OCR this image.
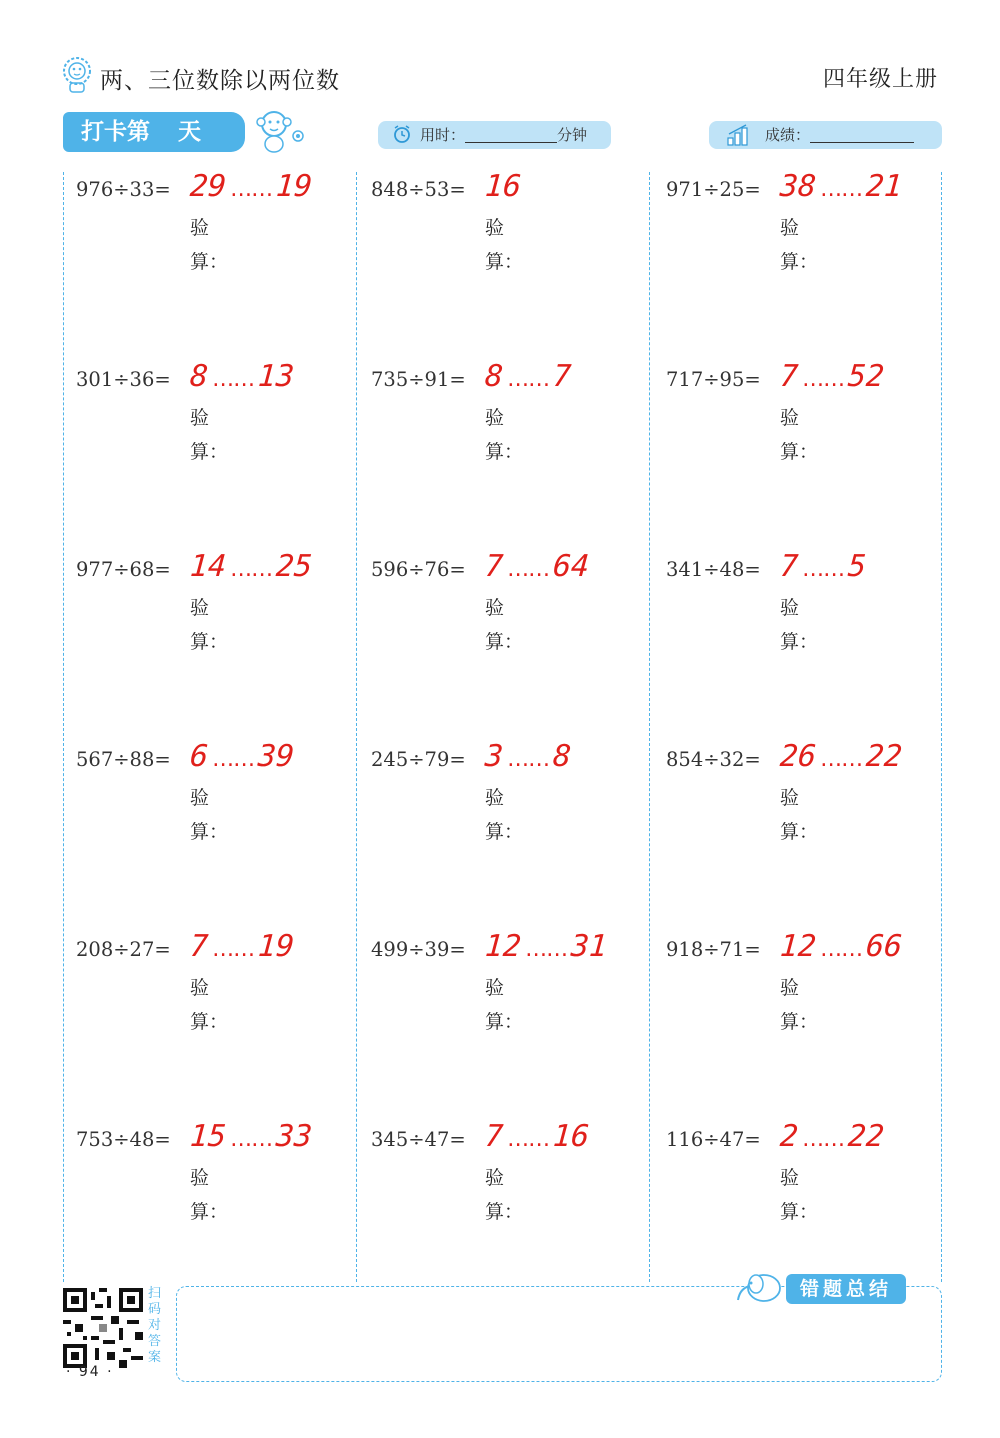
两、三位数除以两位数	四年级上册
打卡第 天	用时：	分钟	成绩：
976÷33= 29 ……19
验
算：
848÷53= 16
验
算：
971÷25= 38 ……21
验
算：
301÷36= 8 ……13
验
算：
735÷91= 8 ……7
验
算：
717÷95= 7 ……52
验
算：
977÷68= 14 ……25
验
算：
596÷76= 7 ……64
验
算：
341÷48= 7 ……5
验
算：
567÷88= 6 ……39
验
算：
245÷79= 3 ……8
验
算：
854÷32= 26 ……22
验
算：
208÷27= 7 ……19
验
算：
499÷39= 12 ……31
验
算：
918÷71= 12 ……66
验
算：
753÷48= 15 ……33
验
算：
345÷47= 7 ……16
验
算：
116÷47= 2 ……22
验
算：
错题总结
扫码对答案
· 94 ·
